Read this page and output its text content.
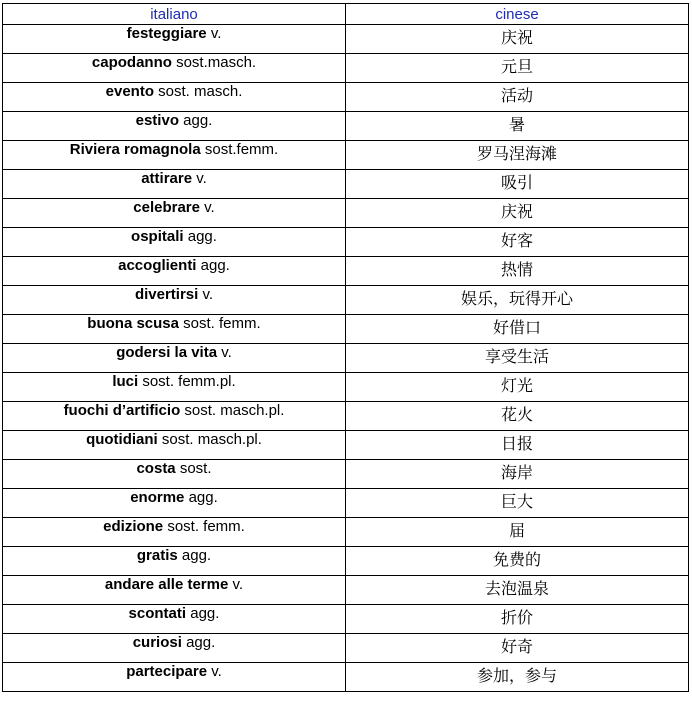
italiano	cinese
festeggiare v.	庆祝
capodanno sost.masch.	元旦
evento sost. masch.	活动
estivo agg.	暑
Riviera romagnola sost.femm.	罗马涅海滩
attirare v.	吸引
celebrare v.	庆祝
ospitali agg.	好客
accoglienti agg.	热情
divertirsi v.	娱乐，玩得开心
buona scusa sost. femm.	好借口
godersi la vita v.	享受生活
luci sost. femm.pl.	灯光
fuochi d’artificio sost. masch.pl.	花火
quotidiani sost. masch.pl.	日报
costa sost.	海岸
enorme agg.	巨大
edizione sost. femm.	届
gratis agg.	免费的
andare alle terme v.	去泡温泉
scontati agg.	折价
curiosi agg.	好奇
partecipare v.	参加，参与
